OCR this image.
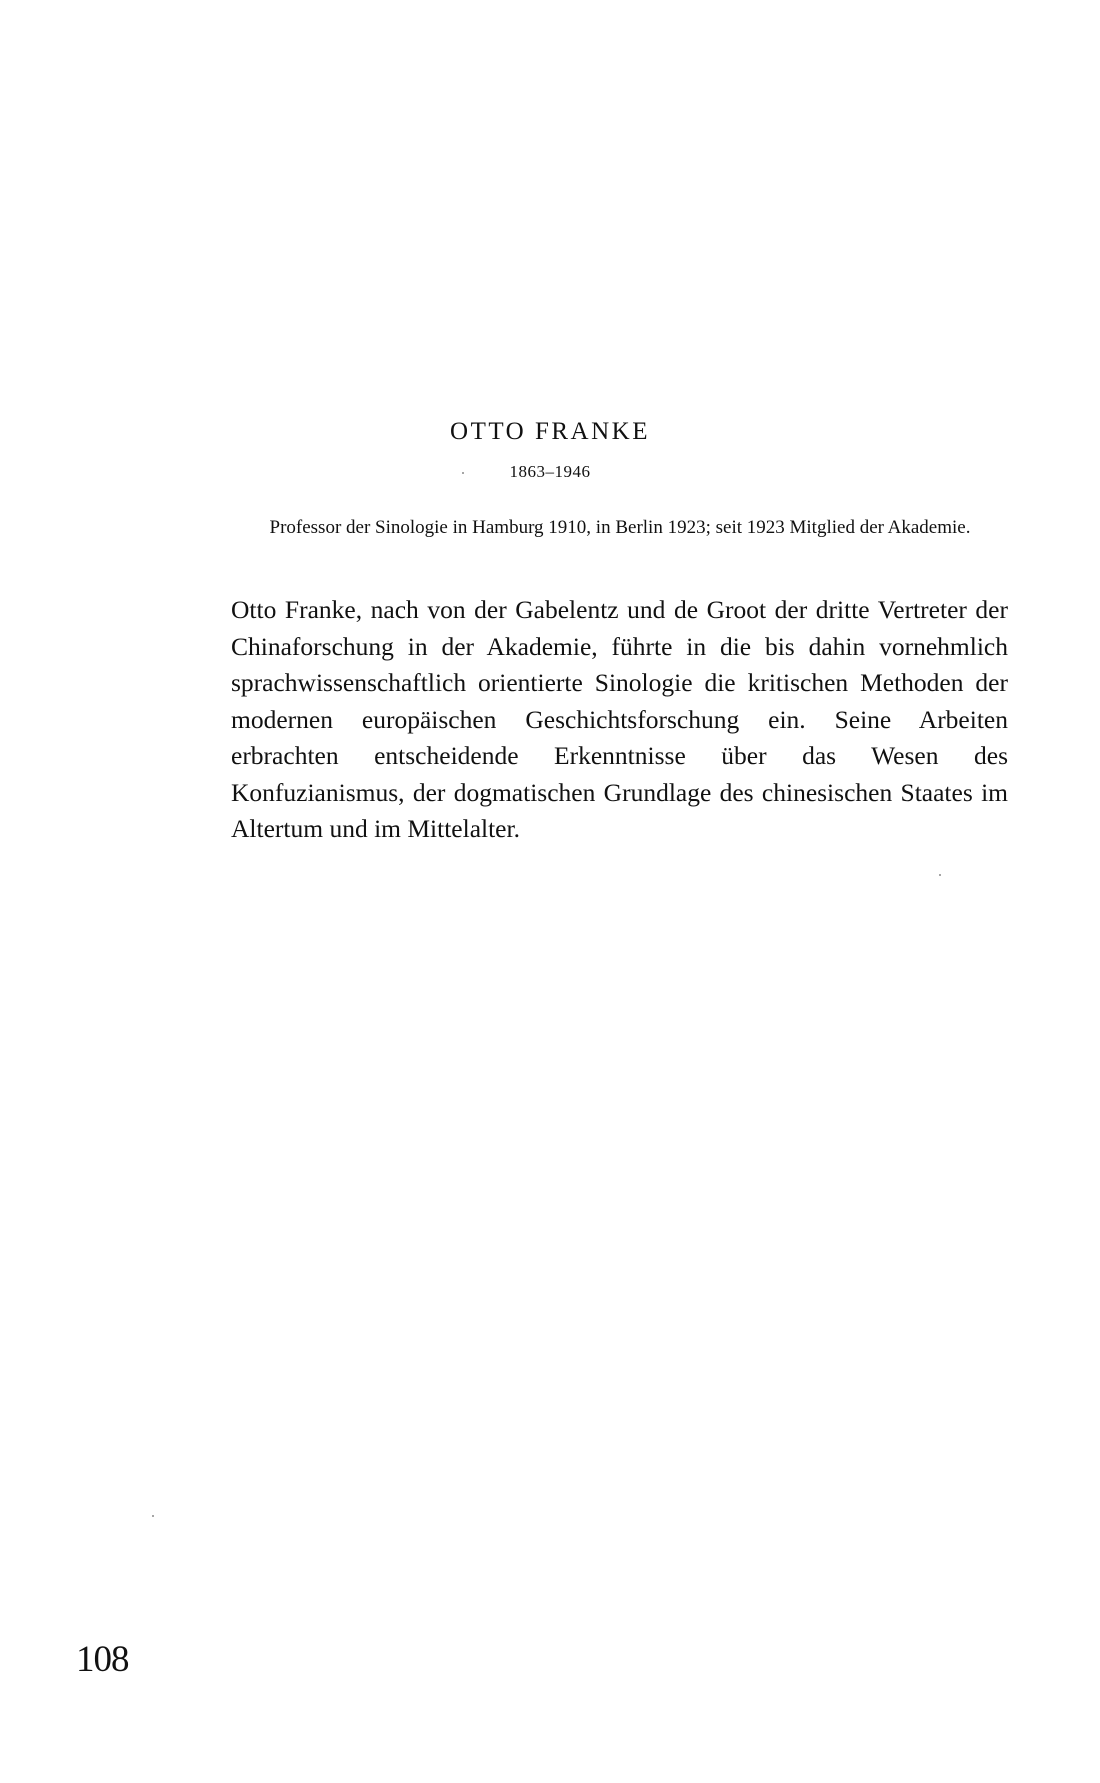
OTTO FRANKE
1863–1946
Professor der Sinologie in Hamburg 1910, in Berlin 1923; seit 1923 Mitglied der Akademie.
Otto Franke, nach von der Gabelentz und de Groot der dritte Vertreter der Chinaforschung in der Akademie, führte in die bis dahin vornehmlich sprachwissenschaftlich orientierte Sinologie die kritischen Methoden der modernen europäischen Geschichtsforschung ein. Seine Arbeiten erbrachten entscheidende Erkenntnisse über das Wesen des Konfuzianismus, der dogmatischen Grundlage des chinesischen Staates im Altertum und im Mittelalter.
108
